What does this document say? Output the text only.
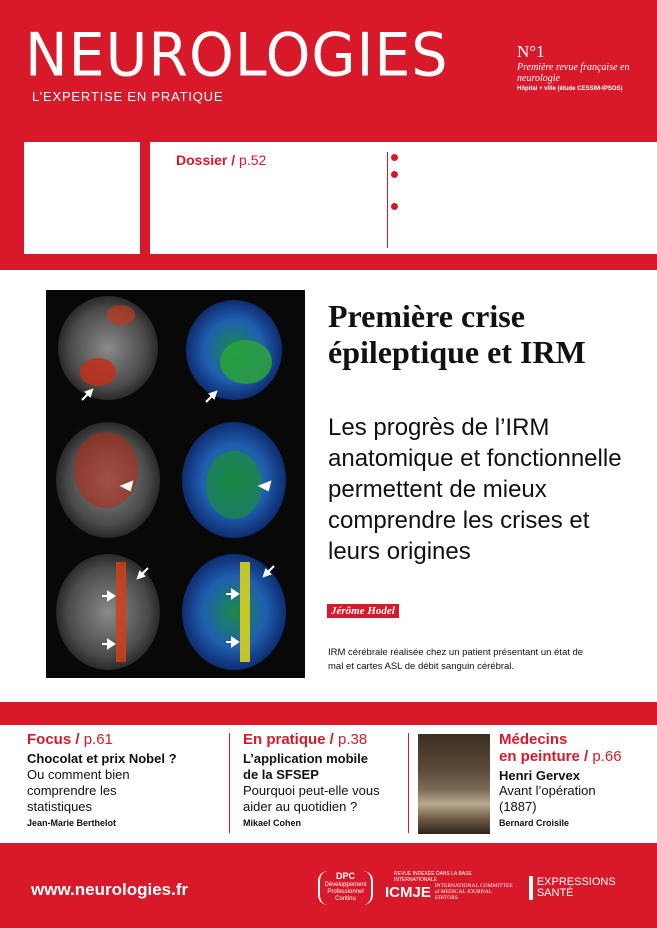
NEUROLOGIES
L’EXPERTISE EN PRATIQUE
N°1
Première revue française en neurologie
Hôpital + ville (étude CESSIM-IPSOS)
n° 245
VOLUME 25
Février 2022
15 €
Dossier / p.52
Les $26^{es}$ Journées de la Société francophone du nerf périphérique
Y. Péréon, V. Fabry, A. Pegat, A. Magot
Les technologies en vogue
Nouveautés dans les neuropathies dysimmunes en 2022
Nouveautés sur les étiologies, le diagnostic et des traitements innovants
Première crise épileptique et IRM
Les progrès de l’IRM anatomique et fonctionnelle permettent de mieux comprendre les crises et leurs origines
Jérôme Hodel
IRM cérébrale réalisée chez un patient présentant un état de mal et cartes ASL de débit sanguin cérébral.
Focus / p.61
Chocolat et prix Nobel ?
Ou comment bien comprendre les statistiques
Jean-Marie Berthelot
En pratique / p.38
L’application mobile de la SFSEP
Pourquoi peut-elle vous aider au quotidien ?
Mikael Cohen
Médecins
en peinture / p.66
Henri Gervex
Avant l’opération (1887)
Bernard Croisile
www.neurologies.fr
DPC
Développement Professionnel Continu
REVUE INDEXÉE DANS LA BASE INTERNATIONALE
ICMJE INTERNATIONAL COMMITTEE of MEDICAL JOURNAL EDITORS
EXPRESSIONS
SANTÉ
